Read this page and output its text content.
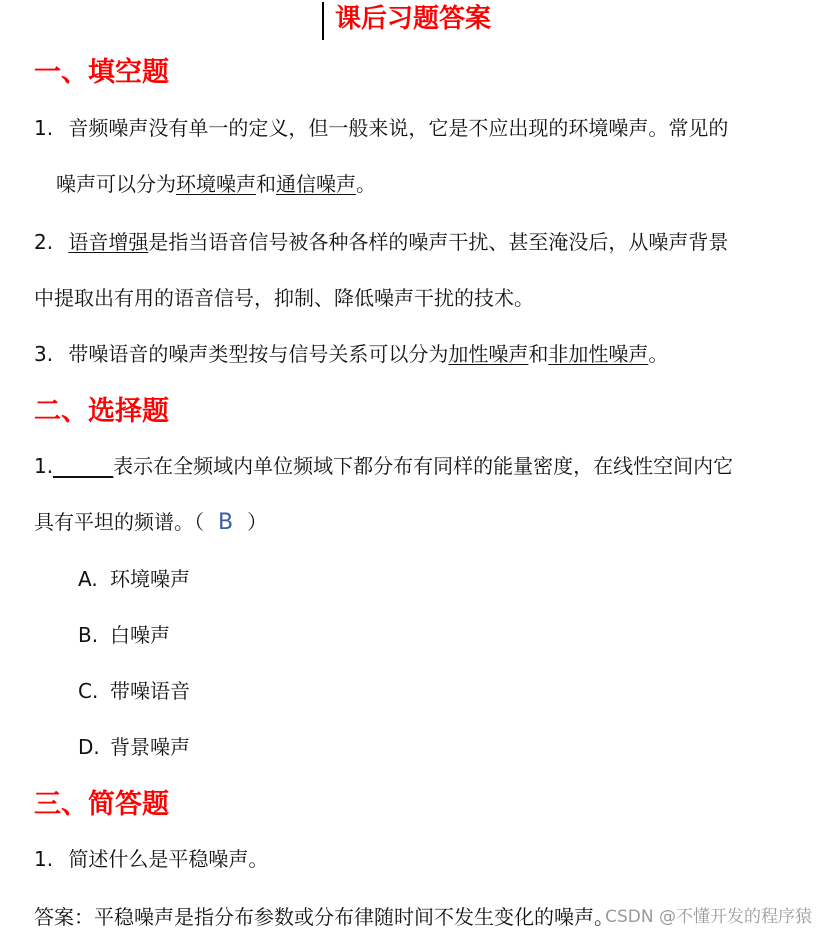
课后习题答案
一、填空题
1. 音频噪声没有单一的定义，但一般来说，它是不应出现的环境噪声。常见的
噪声可以分为环境噪声和通信噪声。
2. 语音增强是指当语音信号被各种各样的噪声干扰、甚至淹没后，从噪声背景
中提取出有用的语音信号，抑制、降低噪声干扰的技术。
3. 带噪语音的噪声类型按与信号关系可以分为加性噪声和非加性噪声。
二、选择题
1.______表示在全频域内单位频域下都分布有同样的能量密度，在线性空间内它
具有平坦的频谱。（ B ）
A. 环境噪声
B. 白噪声
C. 带噪语音
D. 背景噪声
三、简答题
1. 简述什么是平稳噪声。
答案：平稳噪声是指分布参数或分布律随时间不发生变化的噪声。
CSDN @不懂开发的程序猿
